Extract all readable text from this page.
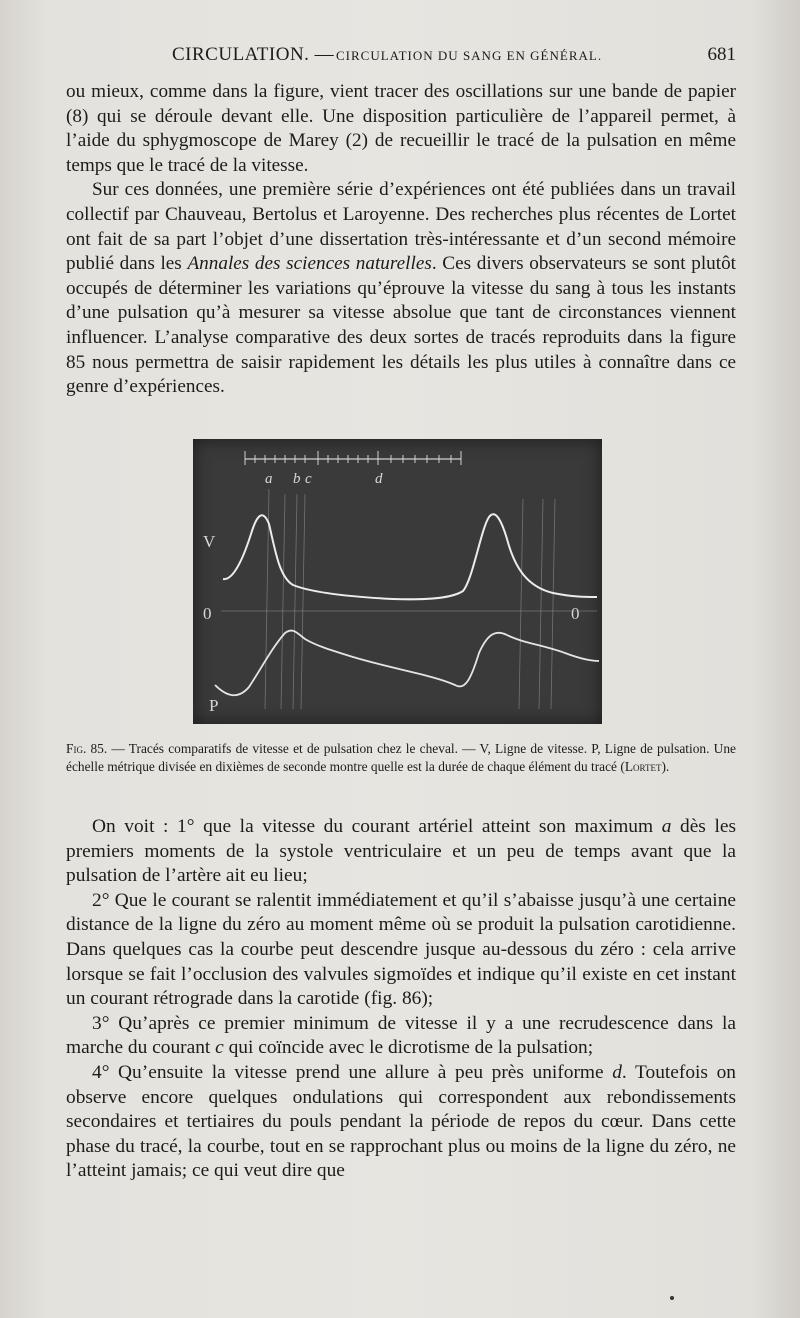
CIRCULATION. — CIRCULATION DU SANG EN GÉNÉRAL.	681

ou mieux, comme dans la figure, vient tracer des oscillations sur une bande de papier (8) qui se déroule devant elle. Une disposition particulière de l’appareil permet, à l’aide du sphygmoscope de Marey (2) de recueillir le tracé de la pulsation en même temps que le tracé de la vitesse.

Sur ces données, une première série d’expériences ont été publiées dans un travail collectif par Chauveau, Bertolus et Laroyenne. Des recherches plus récentes de Lortet ont fait de sa part l’objet d’une dissertation très-intéressante et d’un second mémoire publié dans les Annales des sciences naturelles. Ces divers observateurs se sont plutôt occupés de déterminer les variations qu’éprouve la vitesse du sang à tous les instants d’une pulsation qu’à mesurer sa vitesse absolue que tant de circonstances viennent influencer. L’analyse comparative des deux sortes de tracés reproduits dans la figure 85 nous permettra de saisir rapidement les détails les plus utiles à connaître dans ce genre d’expériences.

a b c	d
V
0	0
P
Fig. 85. — Tracés comparatifs de vitesse et de pulsation chez le cheval. — V, Ligne de vitesse. P, Ligne de pulsation. Une échelle métrique divisée en dixièmes de seconde montre quelle est la durée de chaque élément du tracé (Lortet).

On voit : 1° que la vitesse du courant artériel atteint son maximum a dès les premiers moments de la systole ventriculaire et un peu de temps avant que la pulsation de l’artère ait eu lieu;

2° Que le courant se ralentit immédiatement et qu’il s’abaisse jusqu’à une certaine distance de la ligne du zéro au moment même où se produit la pulsation carotidienne. Dans quelques cas la courbe peut descendre jusque au-dessous du zéro : cela arrive lorsque se fait l’occlusion des valvules sigmoïdes et indique qu’il existe en cet instant un courant rétrograde dans la carotide (fig. 86);

3° Qu’après ce premier minimum de vitesse il y a une recrudescence dans la marche du courant c qui coïncide avec le dicrotisme de la pulsation;

4° Qu’ensuite la vitesse prend une allure à peu près uniforme d. Toutefois on observe encore quelques ondulations qui correspondent aux rebondissements secondaires et tertiaires du pouls pendant la période de repos du cœur. Dans cette phase du tracé, la courbe, tout en se rapprochant plus ou moins de la ligne du zéro, ne l’atteint jamais; ce qui veut dire que
